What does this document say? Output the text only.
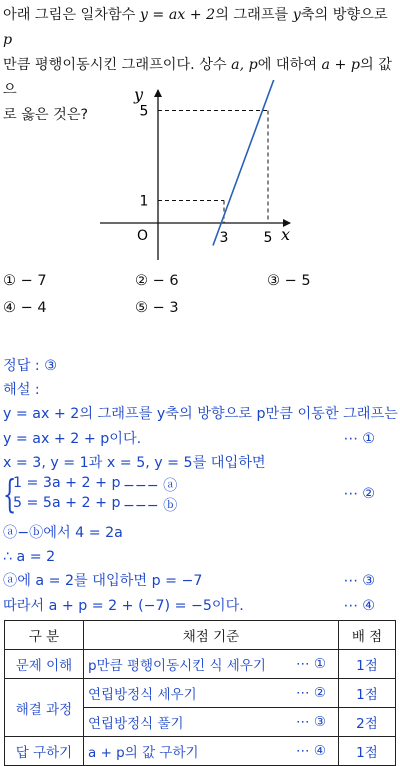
아래 그림은 일차함수 y = ax + 2의 그래프를 y축의 방향으로 p
만큼 평행이동시킨 그래프이다. 상수 a, p에 대하여 a + p의 값으
로 옳은 것은?
y
x
O	3	5
1
5
① − 7	② − 6	③ − 5
④ − 4	⑤ − 3
정답 : ③
해설 :
y = ax + 2의 그래프를 y축의 방향으로 p만큼 이동한 그래프는
y = ax + 2 + p이다.	⋯ ①
x = 3, y = 1과 x = 5, y = 5를 대입하면
{
1 = 3a + 2 + p −−− ⓐ
5 = 5a + 2 + p −−− ⓑ
⋯ ②
ⓐ−ⓑ에서 4 = 2a
∴ a = 2
ⓐ에 a = 2를 대입하면 p = −7	⋯ ③
따라서 a + p = 2 + (−7) = −5이다.	⋯ ④
구 분	채점 기준		배 점
문제 이해	p만큼 평행이동시킨 식 세우기	⋯ ①	1점
해결 과정	연립방정식 세우기	⋯ ②	1점
	연립방정식 풀기	⋯ ③	2점
답 구하기	a + p의 값 구하기	⋯ ④	1점
